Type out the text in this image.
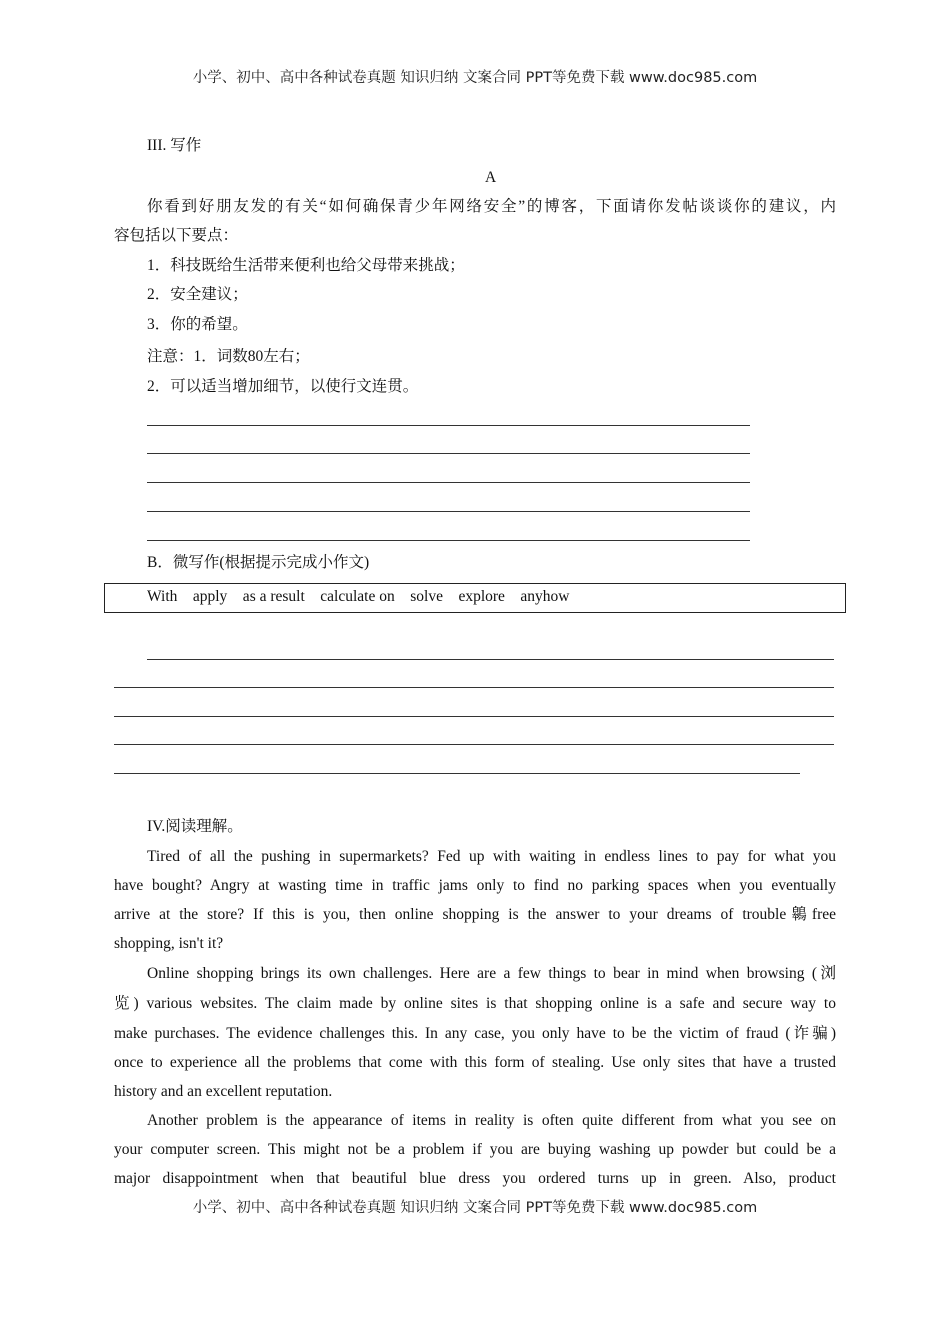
小学、初中、高中各种试卷真题 知识归纳 文案合同 PPT等免费下载 www.doc985.com
III. 写作
A
你看到好朋友发的有关“如何确保青少年网络安全”的博客，下面请你发帖谈谈你的建议，内
容包括以下要点：
1．科技既给生活带来便利也给父母带来挑战；
2．安全建议；
3．你的希望。
注意：1．词数80左右；
2．可以适当增加细节，以使行文连贯。
B．微写作(根据提示完成小作文)
With    apply    as a result    calculate on    solve    explore    anyhow
IV.阅读理解。
Tired of all the pushing in supermarkets? Fed up with waiting in endless lines to pay for what you
have bought? Angry at wasting time in traffic jams only to find no parking spaces when you eventually
arrive at the store? If this is you, then online shopping is the answer to your dreams of trouble鷎free
shopping, isn't it?
Online shopping brings its own challenges. Here are a few things to bear in mind when browsing (浏
览) various websites. The claim made by online sites is that shopping online is a safe and secure way to
make purchases. The evidence challenges this. In any case, you only have to be the victim of fraud (诈骗)
once to experience all the problems that come with this form of stealing. Use only sites that have a trusted
history and an excellent reputation.
Another problem is the appearance of items in reality is often quite different from what you see on
your computer screen. This might not be a problem if you are buying washing up powder but could be a
major disappointment when that beautiful blue dress you ordered turns up in green. Also, product
小学、初中、高中各种试卷真题 知识归纳 文案合同 PPT等免费下载 www.doc985.com
